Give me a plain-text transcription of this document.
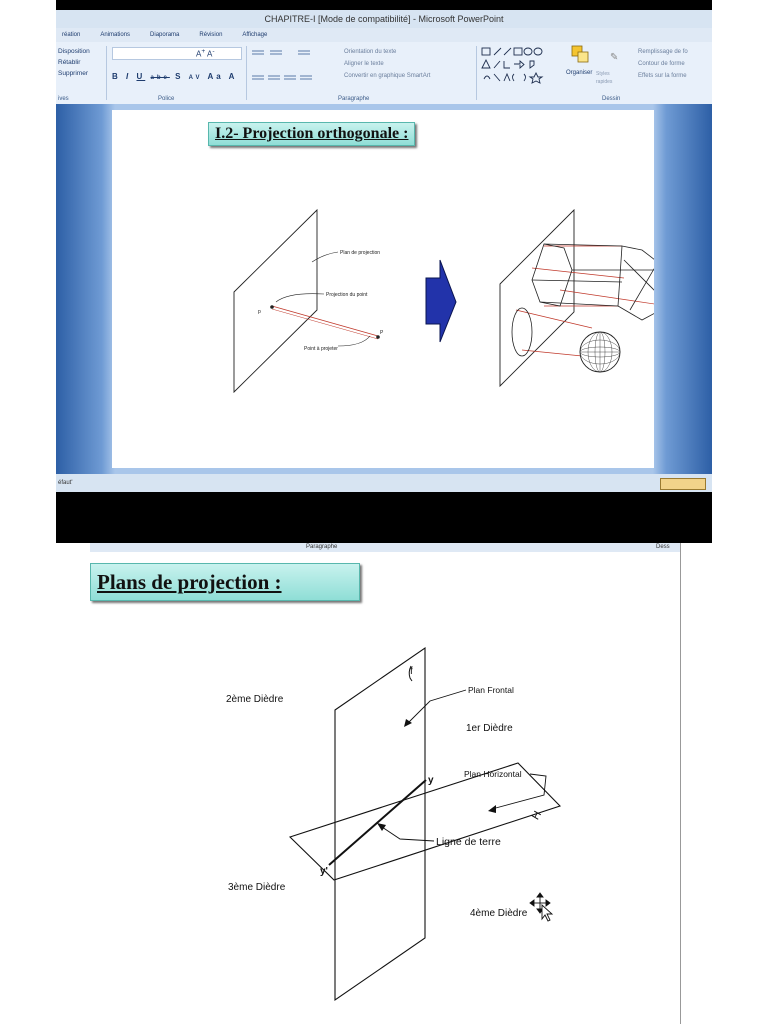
CHAPITRE-I [Mode de compatibilité] - Microsoft PowerPoint
réation	Animations	Diaporama	Révision	Affichage
Disposition
Rétablir
Supprimer
ives
A+ A-
B I U abe S AV Aa A
Police
Orientation du texte
Aligner le texte
Convertir en graphique SmartArt
Paragraphe
Organiser Styles rapides
✎	Remplissage de fo
Contour de forme
Effets sur la forme
Dessin
I.2- Projection orthogonale :
p
P
Plan de projection
Projection du point
Point à projeter
éfaut'
Paragraphe	Dess
Plans de projection :
f
2ème Dièdre
Plan Frontal
1er Dièdre
Plan Horizontal
H
y
Ligne de terre
y'
3ème Dièdre
4ème Dièdre
